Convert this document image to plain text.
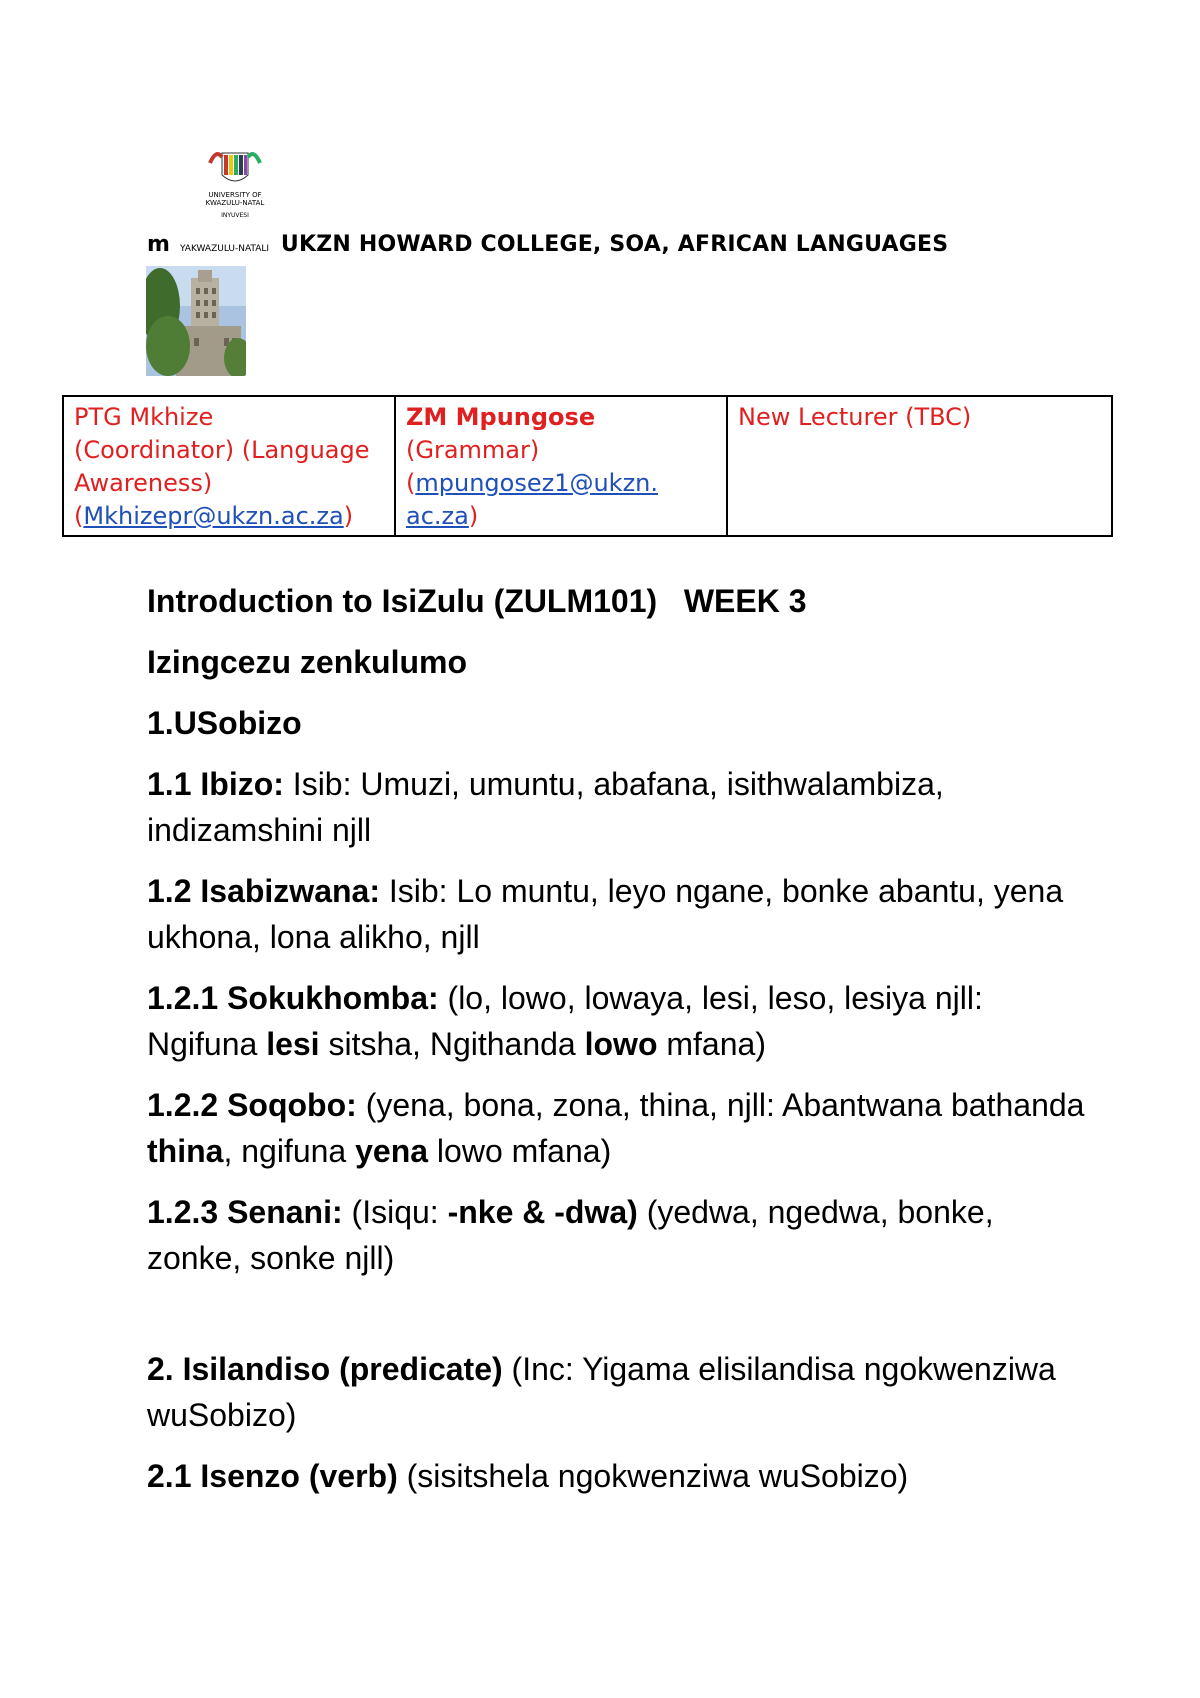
UNIVERSITY OF
KWAZULU-NATAL
INYUVESI
m YAKWAZULU-NATALI UKZN HOWARD COLLEGE, SOA, AFRICAN LANGUAGES
PTG Mkhize
(Coordinator) (Language
Awareness)
(Mkhizepr@ukzn.ac.za)

ZM Mpungose
(Grammar)
(mpungosez1@ukzn.
ac.za)

New Lecturer (TBC)

Introduction to IsiZulu (ZULM101)   WEEK 3

Izingcezu zenkulumo

1.USobizo

1.1 Ibizo: Isib: Umuzi, umuntu, abafana, isithwalambiza, indizamshini njll

1.2 Isabizwana: Isib: Lo muntu, leyo ngane, bonke abantu, yena ukhona, lona alikho, njll

1.2.1 Sokukhomba: (lo, lowo, lowaya, lesi, leso, lesiya njll: Ngifuna lesi sitsha, Ngithanda lowo mfana)

1.2.2 Soqobo: (yena, bona, zona, thina, njll: Abantwana bathanda thina, ngifuna yena lowo mfana)

1.2.3 Senani: (Isiqu: -nke & -dwa) (yedwa, ngedwa, bonke, zonke, sonke njll)

2. Isilandiso (predicate) (Inc: Yigama elisilandisa ngokwenziwa wuSobizo)

2.1 Isenzo (verb) (sisitshela ngokwenziwa wuSobizo)
